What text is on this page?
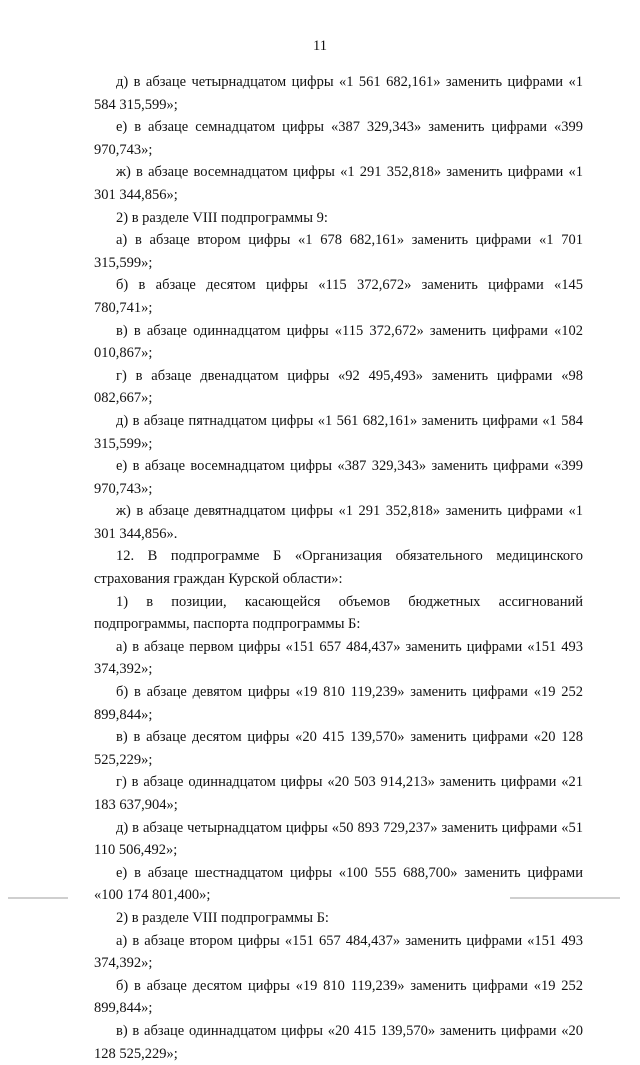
11

д) в абзаце четырнадцатом цифры «1 561 682,161» заменить цифрами «1 584 315,599»;

е) в абзаце семнадцатом цифры «387 329,343» заменить цифрами «399 970,743»;

ж) в абзаце восемнадцатом цифры «1 291 352,818» заменить цифрами «1 301 344,856»;

2) в разделе VIII подпрограммы 9:

а) в абзаце втором цифры «1 678 682,161» заменить цифрами «1 701 315,599»;

б) в абзаце десятом цифры «115 372,672» заменить цифрами «145 780,741»;

в) в абзаце одиннадцатом цифры «115 372,672» заменить цифрами «102 010,867»;

г) в абзаце двенадцатом цифры «92 495,493» заменить цифрами «98 082,667»;

д) в абзаце пятнадцатом цифры «1 561 682,161» заменить цифрами «1 584 315,599»;

е) в абзаце восемнадцатом цифры «387 329,343» заменить цифрами «399 970,743»;

ж) в абзаце девятнадцатом цифры «1 291 352,818» заменить цифрами «1 301 344,856».

12. В подпрограмме Б «Организация обязательного медицинского страхования граждан Курской области»:

1) в позиции, касающейся объемов бюджетных ассигнований подпрограммы, паспорта подпрограммы Б:

а) в абзаце первом цифры «151 657 484,437» заменить цифрами «151 493 374,392»;

б) в абзаце девятом цифры «19 810 119,239» заменить цифрами «19 252 899,844»;

в) в абзаце десятом цифры «20 415 139,570» заменить цифрами «20 128 525,229»;

г) в абзаце одиннадцатом цифры «20 503 914,213» заменить цифрами «21 183 637,904»;

д) в абзаце четырнадцатом цифры «50 893 729,237» заменить цифрами «51 110 506,492»;

е) в абзаце шестнадцатом цифры «100 555 688,700» заменить цифрами «100 174 801,400»;

2) в разделе VIII подпрограммы Б:

а) в абзаце втором цифры «151 657 484,437» заменить цифрами «151 493 374,392»;

б) в абзаце десятом цифры «19 810 119,239» заменить цифрами «19 252 899,844»;

в) в абзаце одиннадцатом цифры «20 415 139,570» заменить цифрами «20 128 525,229»;
